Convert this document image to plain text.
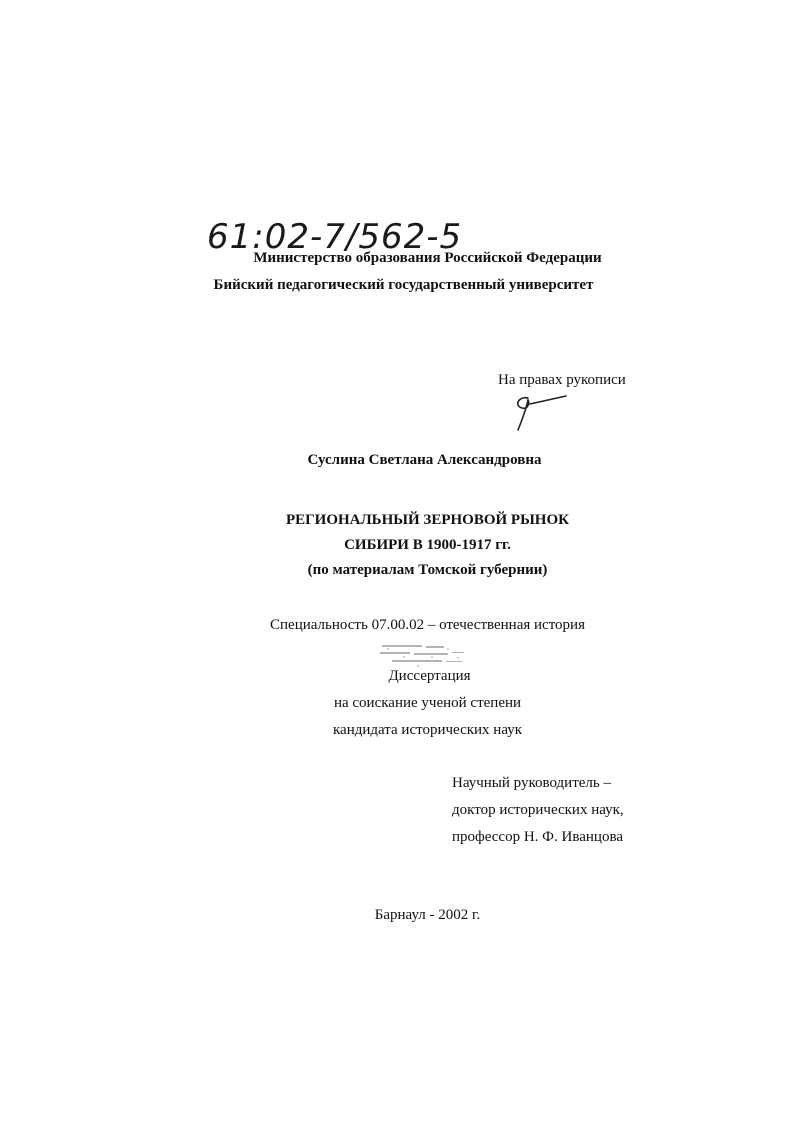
61:02-7/562-5
Министерство образования Российской Федерации
Бийский педагогический государственный университет
На правах рукописи
Суслина Светлана Александровна
РЕГИОНАЛЬНЫЙ ЗЕРНОВОЙ РЫНОК
СИБИРИ В 1900-1917 гг.
(по материалам Томской губернии)
Специальность 07.00.02 – отечественная история
Диссертация
на соискание ученой степени
кандидата исторических наук
Научный руководитель –
доктор исторических наук,
профессор Н. Ф. Иванцова
Барнаул - 2002 г.
